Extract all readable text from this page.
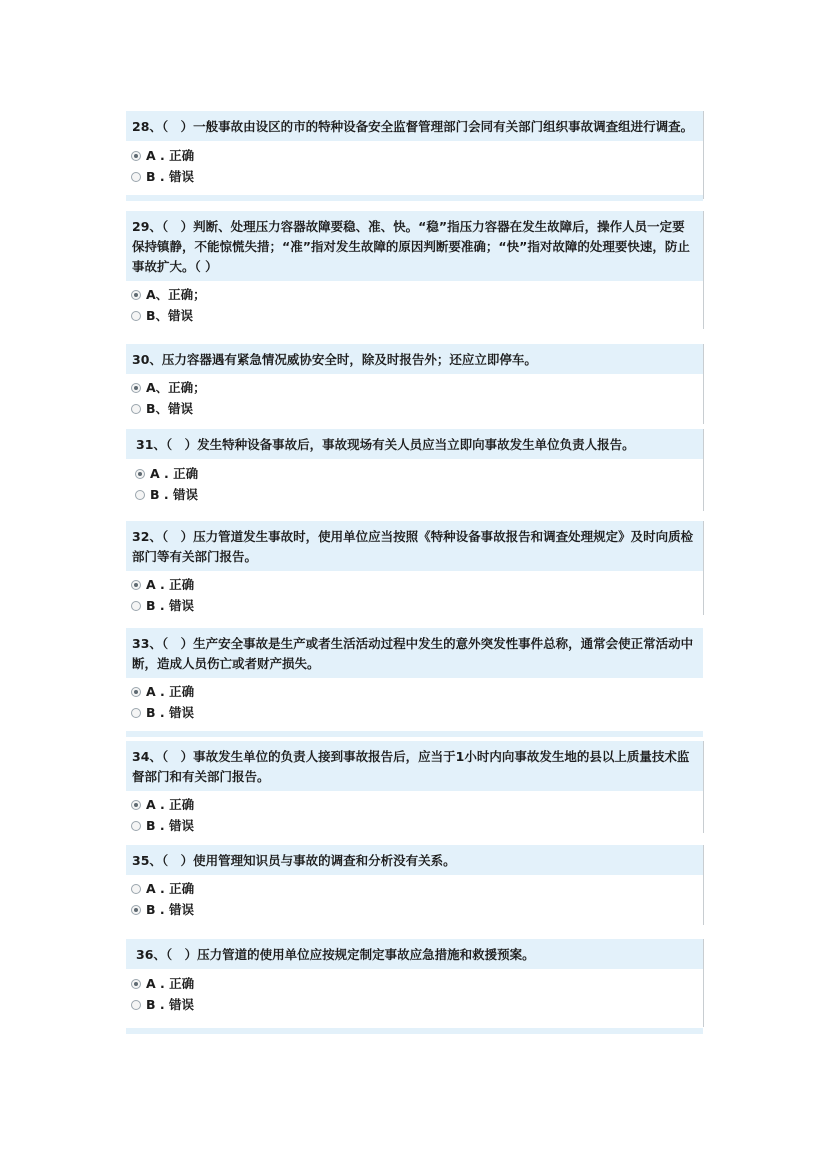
28、（　）一般事故由设区的市的特种设备安全监督管理部门会同有关部门组织事故调查组进行调查。
A . 正确
B . 错误
29、（　）判断、处理压力容器故障要稳、准、快。“稳”指压力容器在发生故障后，操作人员一定要保持镇静，不能惊慌失措；“准”指对发生故障的原因判断要准确；“快”指对故障的处理要快速，防止事故扩大。（ ）
A、正确；
B、错误
30、压力容器遇有紧急情况威协安全时，除及时报告外；还应立即停车。
A、正确；
B、错误
31、（　）发生特种设备事故后，事故现场有关人员应当立即向事故发生单位负责人报告。
A . 正确
B . 错误
32、（　）压力管道发生事故时，使用单位应当按照《特种设备事故报告和调查处理规定》及时向质检部门等有关部门报告。
A . 正确
B . 错误
33、（　）生产安全事故是生产或者生活活动过程中发生的意外突发性事件总称，通常会使正常活动中断，造成人员伤亡或者财产损失。
A . 正确
B . 错误
34、（　）事故发生单位的负责人接到事故报告后，应当于1小时内向事故发生地的县以上质量技术监督部门和有关部门报告。
A . 正确
B . 错误
35、（　）使用管理知识员与事故的调查和分析没有关系。
A . 正确
B . 错误
36、（　）压力管道的使用单位应按规定制定事故应急措施和救援预案。
A . 正确
B . 错误
